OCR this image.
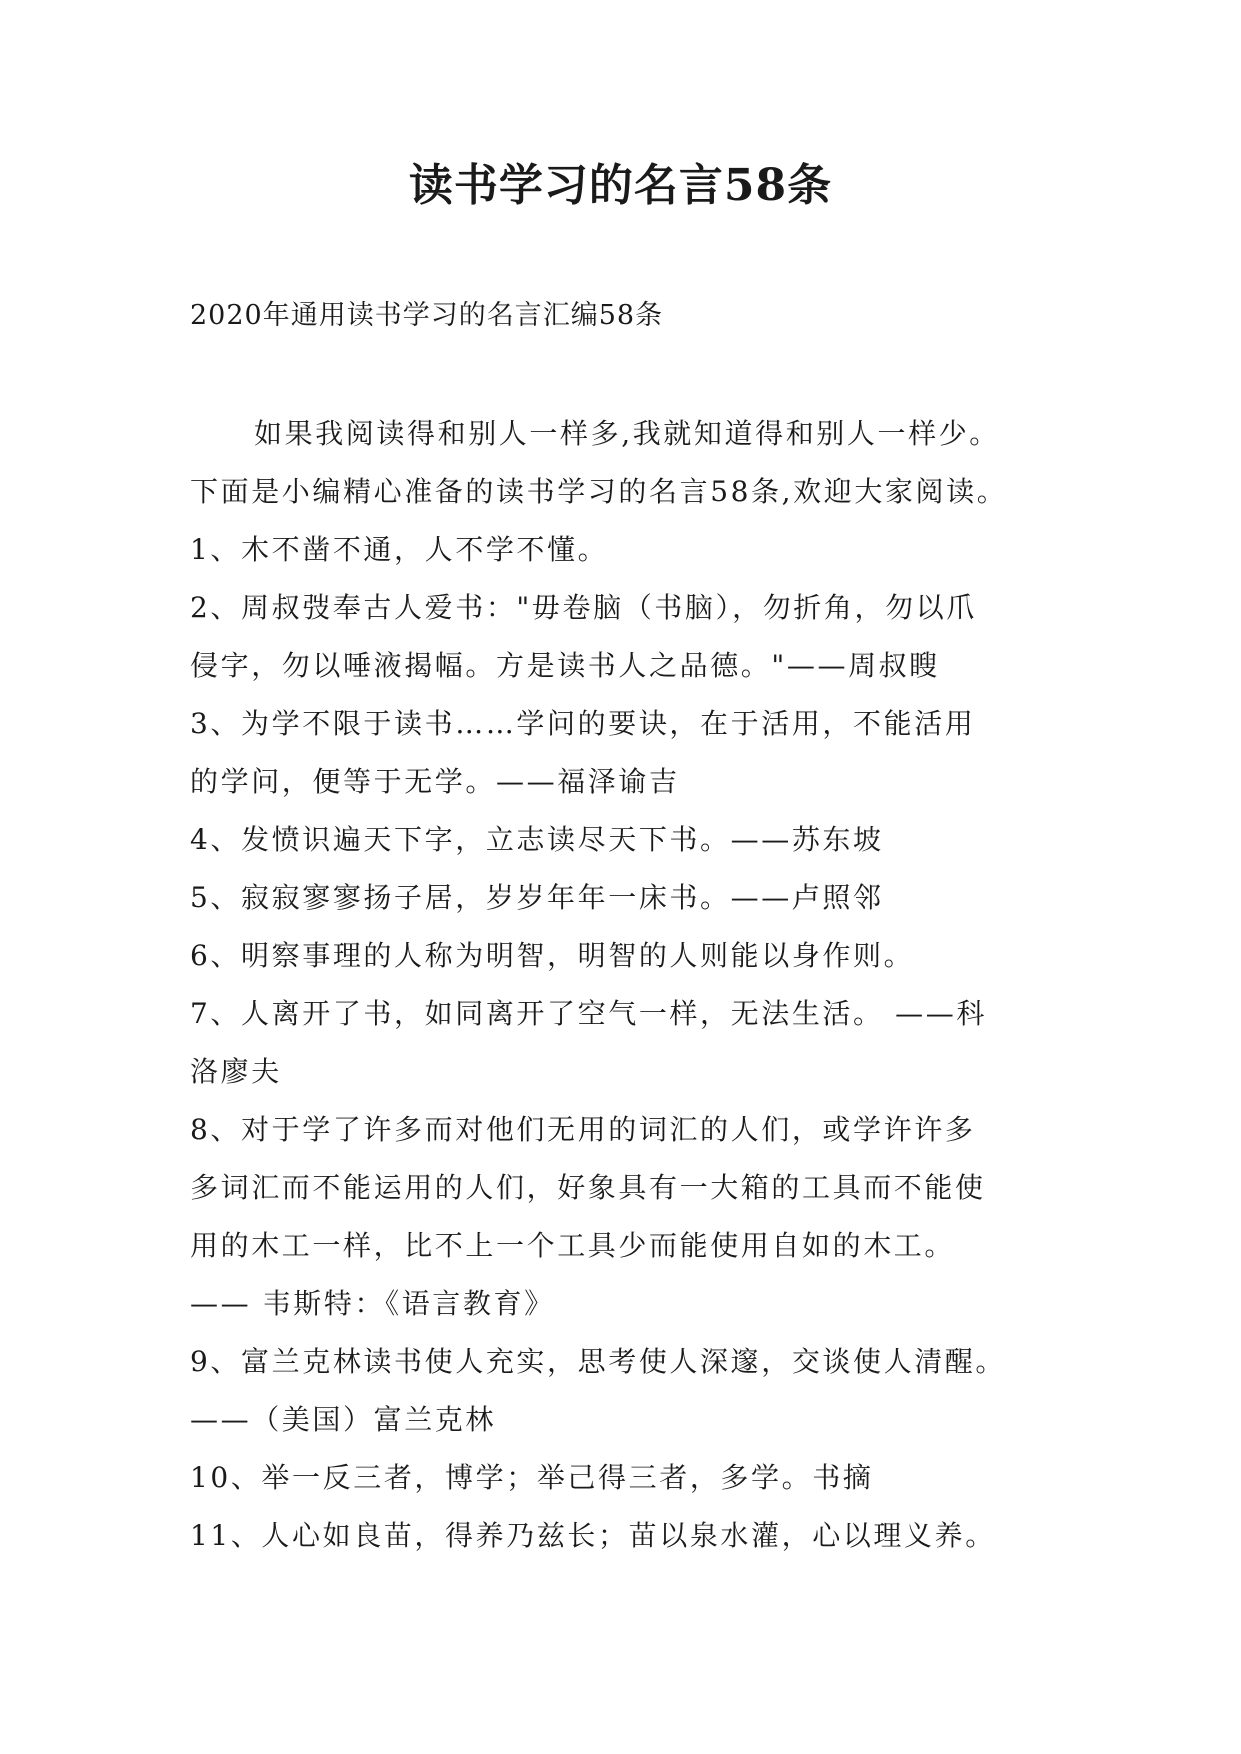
读书学习的名言58条
2020年通用读书学习的名言汇编58条
如果我阅读得和别人一样多,我就知道得和别人一样少。
下面是小编精心准备的读书学习的名言58条,欢迎大家阅读。
1、木不凿不通，人不学不懂。
2、周叔弢奉古人爱书："毋卷脑（书脑），勿折角，勿以爪
侵字，勿以唾液揭幅。方是读书人之品德。"——周叔瞍
3、为学不限于读书……学问的要诀，在于活用，不能活用
的学问，便等于无学。——福泽谕吉
4、发愤识遍天下字，立志读尽天下书。——苏东坡
5、寂寂寥寥扬子居，岁岁年年一床书。——卢照邻
6、明察事理的人称为明智，明智的人则能以身作则。
7、人离开了书，如同离开了空气一样，无法生活。 ——科
洛廖夫
8、对于学了许多而对他们无用的词汇的人们，或学许许多
多词汇而不能运用的人们，好象具有一大箱的工具而不能使
用的木工一样，比不上一个工具少而能使用自如的木工。
—— 韦斯特：《语言教育》
9、富兰克林读书使人充实，思考使人深邃，交谈使人清醒。
——（美国）富兰克林
10、举一反三者，博学；举己得三者，多学。书摘
11、人心如良苗，得养乃兹长；苗以泉水灌，心以理义养。
